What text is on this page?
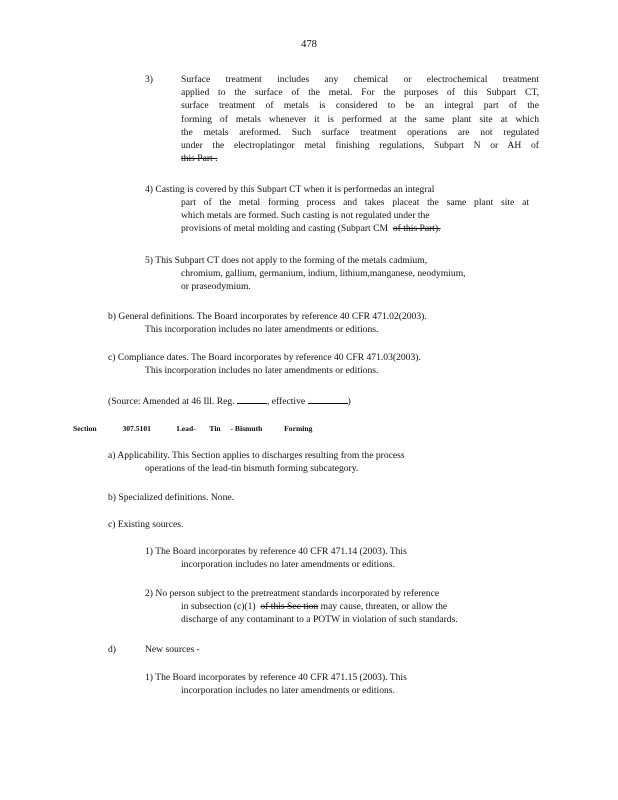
478
3)	Surface treatment includes any chemical or electrochemical treatment
applied to the surface of the metal. For the purposes of this Subpart CT,
surface treatment of metals is considered to be an integral part of the
forming of metals whenever it is performed at the same plant site at which
the metals areformed. Such surface treatment operations are not regulated
under the electroplatingor metal finishing regulations, Subpart N or AH of
this Part .
4) Casting is covered by this Subpart CT when it is performedas an integral
part of the metal forming process and takes placeat the same plant site at
which metals are formed. Such casting is not regulated under the
provisions of metal molding and casting (Subpart CM of this Part).
5) This Subpart CT does not apply to the forming of the metals cadmium,
chromium, gallium, germanium, indium, lithium,manganese, neodymium,
or praseodymium.
b) General definitions. The Board incorporates by reference 40 CFR 471.02(2003).
This incorporation includes no later amendments or editions.
c) Compliance dates. The Board incorporates by reference 40 CFR 471.03(2003).
This incorporation includes no later amendments or editions.
(Source: Amended at 46 Ill. Reg.	, effective	)
Section	307.5101	Lead- Tin - Bismuth	Forming
a) Applicability. This Section applies to discharges resulting from the process
operations of the lead-tin bismuth forming subcategory.
b) Specialized definitions. None.
c) Existing sources.
1) The Board incorporates by reference 40 CFR 471.14 (2003). This
incorporation includes no later amendments or editions.
2) No person subject to the pretreatment standards incorporated by reference
in subsection (c)(1) of this Sec tion may cause, threaten, or allow the
discharge of any contaminant to a POTW in violation of such standards.
d)	New sources -
1) The Board incorporates by reference 40 CFR 471.15 (2003). This
incorporation includes no later amendments or editions.
